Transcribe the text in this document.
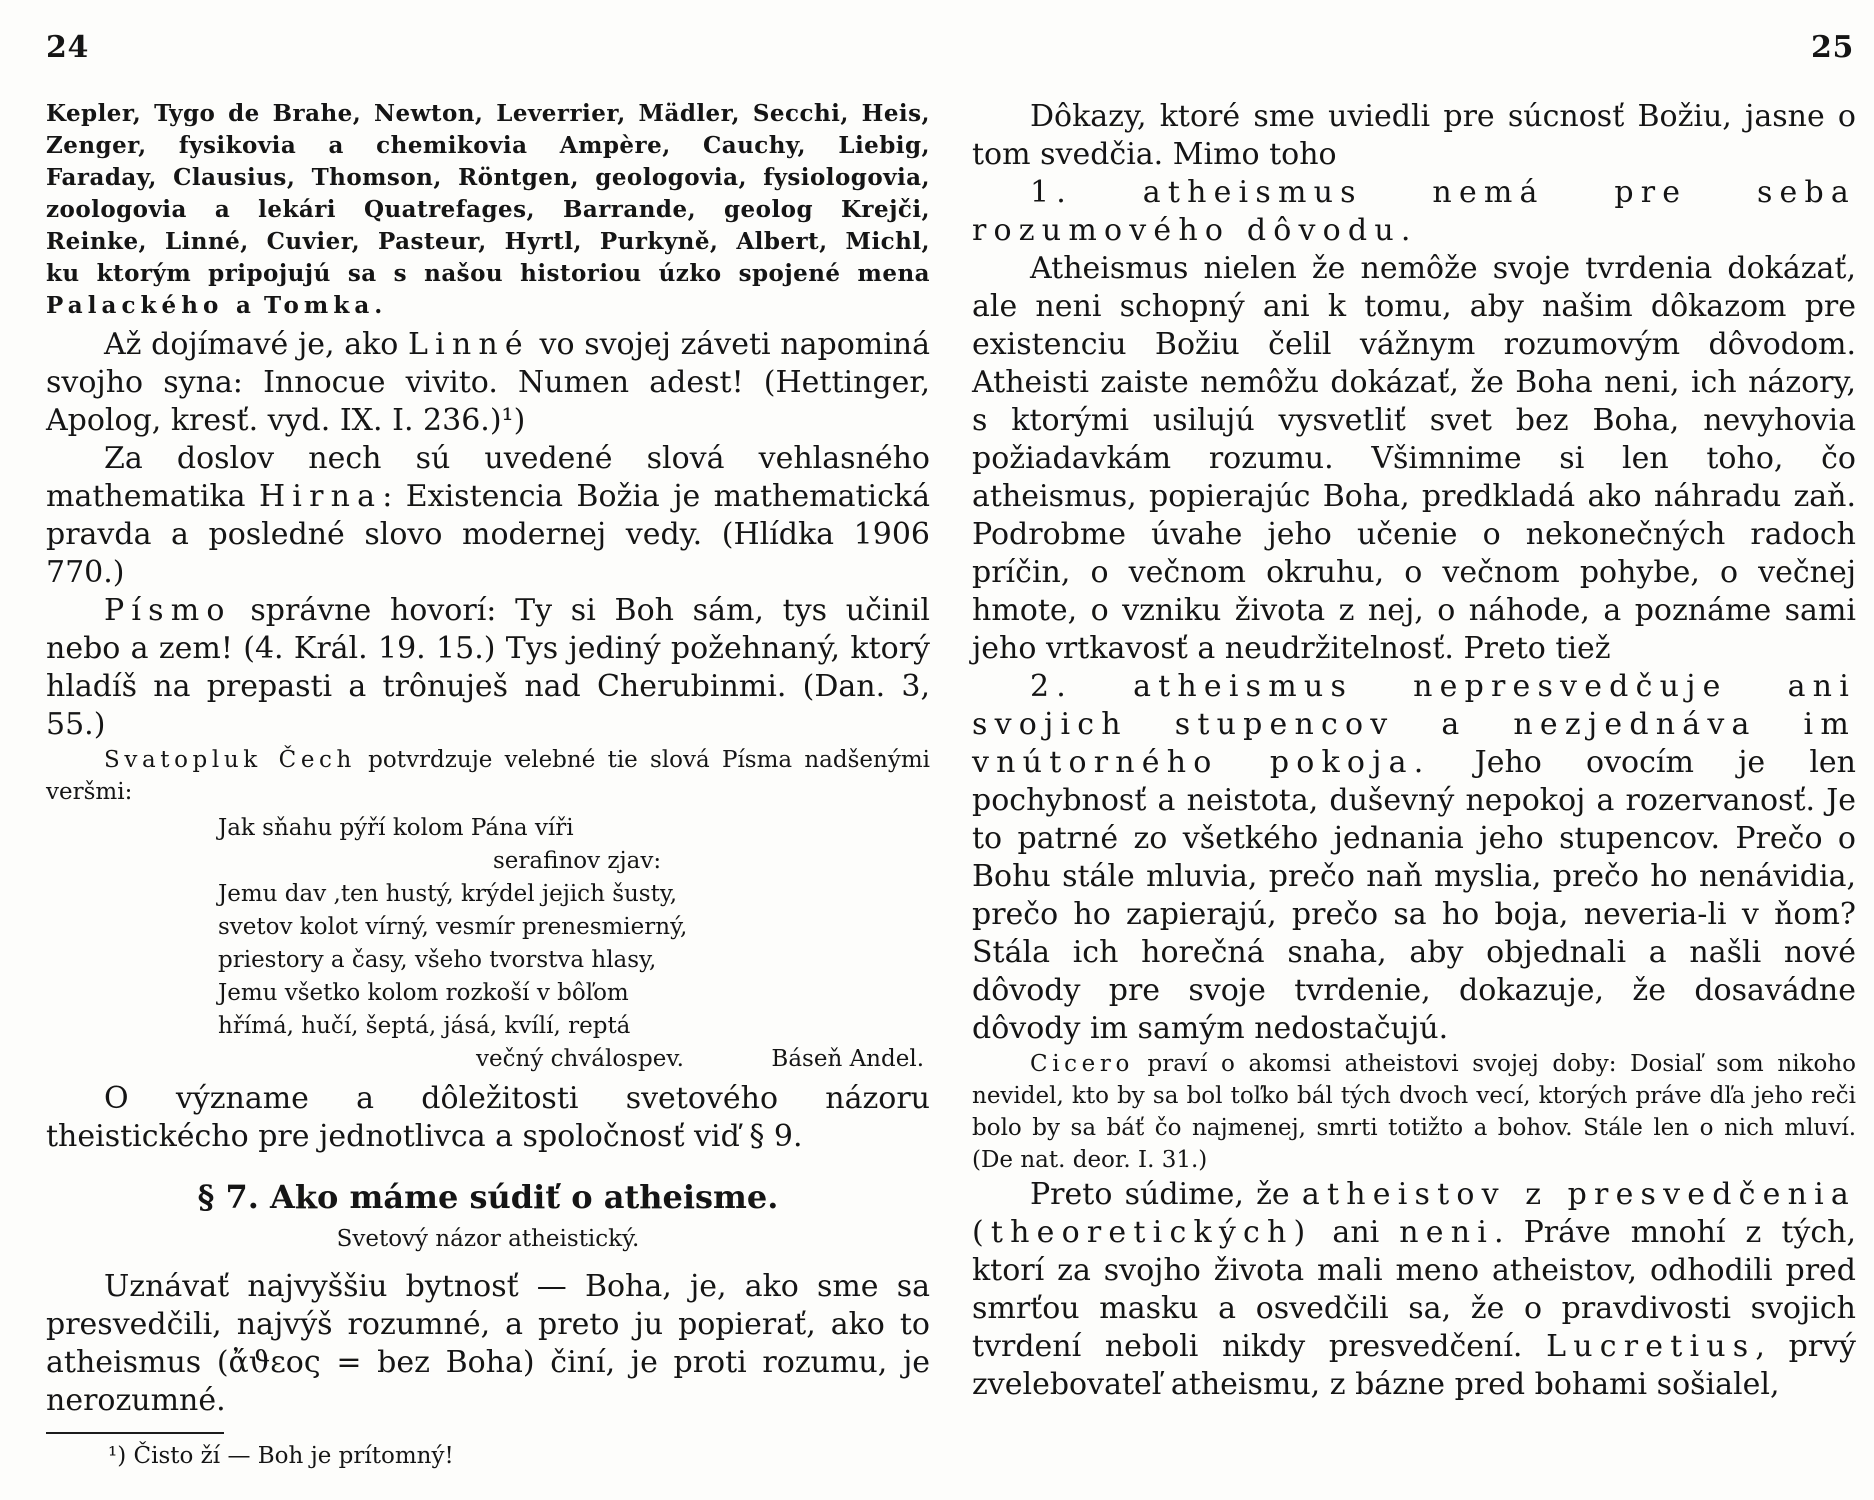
24
Kepler, Tygo de Brahe, Newton, Leverrier, Mädler, Secchi, Heis, Zenger, fysikovia a chemikovia Ampère, Cauchy, Liebig, Faraday, Clausius, Thomson, Röntgen, geologovia, fysiologovia, zoologovia a lekári Quatrefages, Barrande, geolog Krejči, Reinke, Linné, Cuvier, Pasteur, Hyrtl, Purkyně, Albert, Michl, ku ktorým pripojujú sa s našou historiou úzko spojené mena Palackého a Tomka.
Až dojímavé je, ako Linné vo svojej záveti napominá svojho syna: Innocue vivito. Numen adest! (Hettinger, Apolog, kresť. vyd. IX. I. 236.)¹)
Za doslov nech sú uvedené slová vehlasného mathematika Hirna: Existencia Božia je mathematická pravda a posledné slovo modernej vedy. (Hlídka 1906 770.)
Písmo správne hovorí: Ty si Boh sám, tys učinil nebo a zem! (4. Král. 19. 15.) Tys jediný požehnaný, ktorý hladíš na prepasti a trônuješ nad Cherubinmi. (Dan. 3, 55.)
Svatopluk Čech potvrdzuje velebné tie slová Písma nadšenými veršmi:
Jak sňahu pýří kolom Pána víři
serafinov zjav:
Jemu dav ,ten hustý, krýdel jejich šusty,
svetov kolot vírný, vesmír prenesmierný,
priestory a časy, všeho tvorstva hlasy,
Jemu všetko kolom rozkoší v bôľom
hřímá, hučí, šeptá, jásá, kvílí, reptá
Báseň Andel.
večný chválospev.
O význame a dôležitosti svetového názoru theistickécho pre jednotlivca a spoločnosť viď § 9.
§ 7. Ako máme súdiť o atheisme.
Svetový názor atheistický.
Uznávať najvyššiu bytnosť — Boha, je, ako sme sa presvedčili, najvýš rozumné, a preto ju popierať, ako to atheismus (ἄϑεος = bez Boha) činí, je proti rozumu, je nerozumné.
¹) Čisto ží — Boh je prítomný!
25
Dôkazy, ktoré sme uviedli pre súcnosť Božiu, jasne o tom svedčia. Mimo toho
1. atheismus nemá pre seba rozumového dôvodu.
Atheismus nielen že nemôže svoje tvrdenia dokázať, ale neni schopný ani k tomu, aby našim dôkazom pre existenciu Božiu čelil vážnym rozumovým dôvodom. Atheisti zaiste nemôžu dokázať, že Boha neni, ich názory, s ktorými usilujú vysvetliť svet bez Boha, nevyhovia požiadavkám rozumu. Všimnime si len toho, čo atheismus, popierajúc Boha, predkladá ako náhradu zaň. Podrobme úvahe jeho učenie o nekonečných radoch príčin, o večnom okruhu, o večnom pohybe, o večnej hmote, o vzniku života z nej, o náhode, a poznáme sami jeho vrtkavosť a neudržitelnosť. Preto tiež
2. atheismus nepresvedčuje ani svojich stupencov a nezjednáva im vnútorného pokoja. Jeho ovocím je len pochybnosť a neistota, duševný nepokoj a rozervanosť. Je to patrné zo všetkého jednania jeho stupencov. Prečo o Bohu stále mluvia, prečo naň myslia, prečo ho nenávidia, prečo ho zapierajú, prečo sa ho boja, neveria-li v ňom? Stála ich horečná snaha, aby objednali a našli nové dôvody pre svoje tvrdenie, dokazuje, že dosavádne dôvody im samým nedostačujú.
Cicero praví o akomsi atheistovi svojej doby: Dosiaľ som nikoho nevidel, kto by sa bol toľko bál tých dvoch vecí, ktorých práve dľa jeho reči bolo by sa báť čo najmenej, smrti totižto a bohov. Stále len o nich mluví. (De nat. deor. I. 31.)
Preto súdime, že atheistov z presvedčenia (theoretických) ani neni. Práve mnohí z tých, ktorí za svojho života mali meno atheistov, odhodili pred smrťou masku a osvedčili sa, že o pravdivosti svojich tvrdení neboli nikdy presvedčení. Lucretius, prvý zvelebovateľ atheismu, z bázne pred bohami sošialel,
